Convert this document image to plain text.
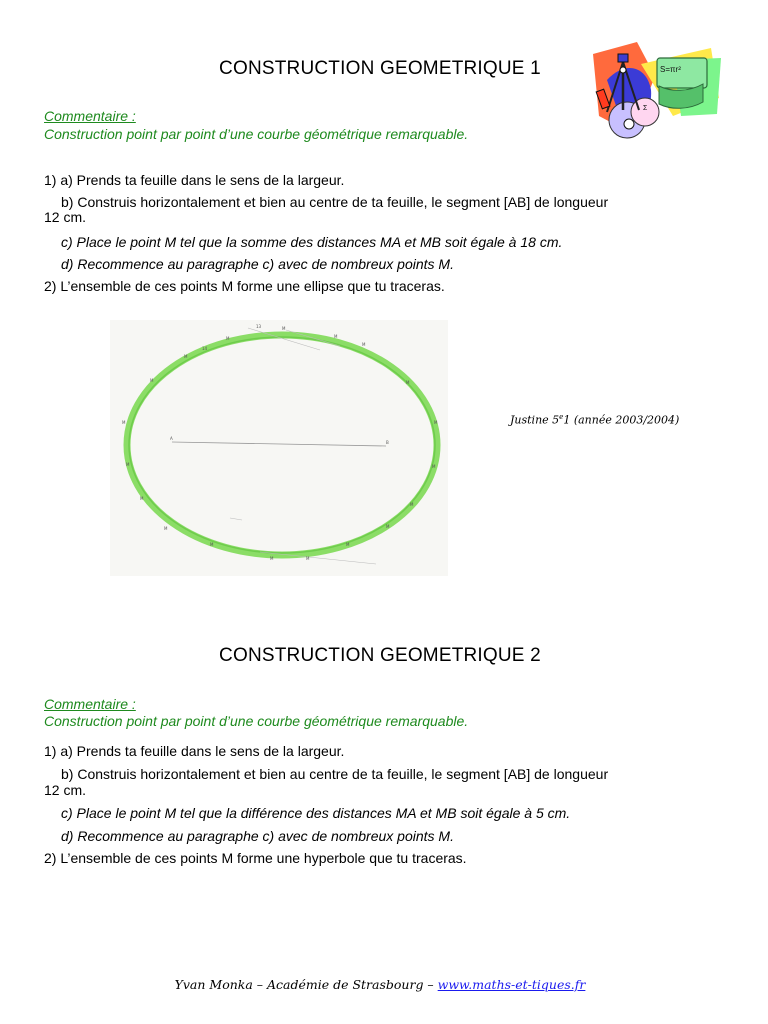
CONSTRUCTION GEOMETRIQUE 1	S=πr²
Σ
Commentaire :
Construction point par point d’une courbe géométrique remarquable.
1) a) Prends ta feuille dans le sens de la largeur.
b) Construis horizontalement et bien au centre de ta feuille, le segment [AB] de longueur
12 cm.
c) Place le point M tel que la somme des distances MA et MB soit égale à 18 cm.
d) Recommence au paragraphe c) avec de nombreux points M.
2) L’ensemble de ces points M forme une ellipse que tu traceras.
13	M
M
14
M
M
M
M	M
M	M
M	M
M
M
M	M
M	M
M	M
A
B
Justine 5e1 (année 2003/2004)
CONSTRUCTION GEOMETRIQUE 2
Commentaire :
Construction point par point d’une courbe géométrique remarquable.
1) a) Prends ta feuille dans le sens de la largeur.
b) Construis horizontalement et bien au centre de ta feuille, le segment [AB] de longueur
12 cm.
c) Place le point M tel que la différence des distances MA et MB soit égale à 5 cm.
d) Recommence au paragraphe c) avec de nombreux points M.
2) L’ensemble de ces points M forme une hyperbole que tu traceras.
Yvan Monka – Académie de Strasbourg – www.maths-et-tiques.fr
